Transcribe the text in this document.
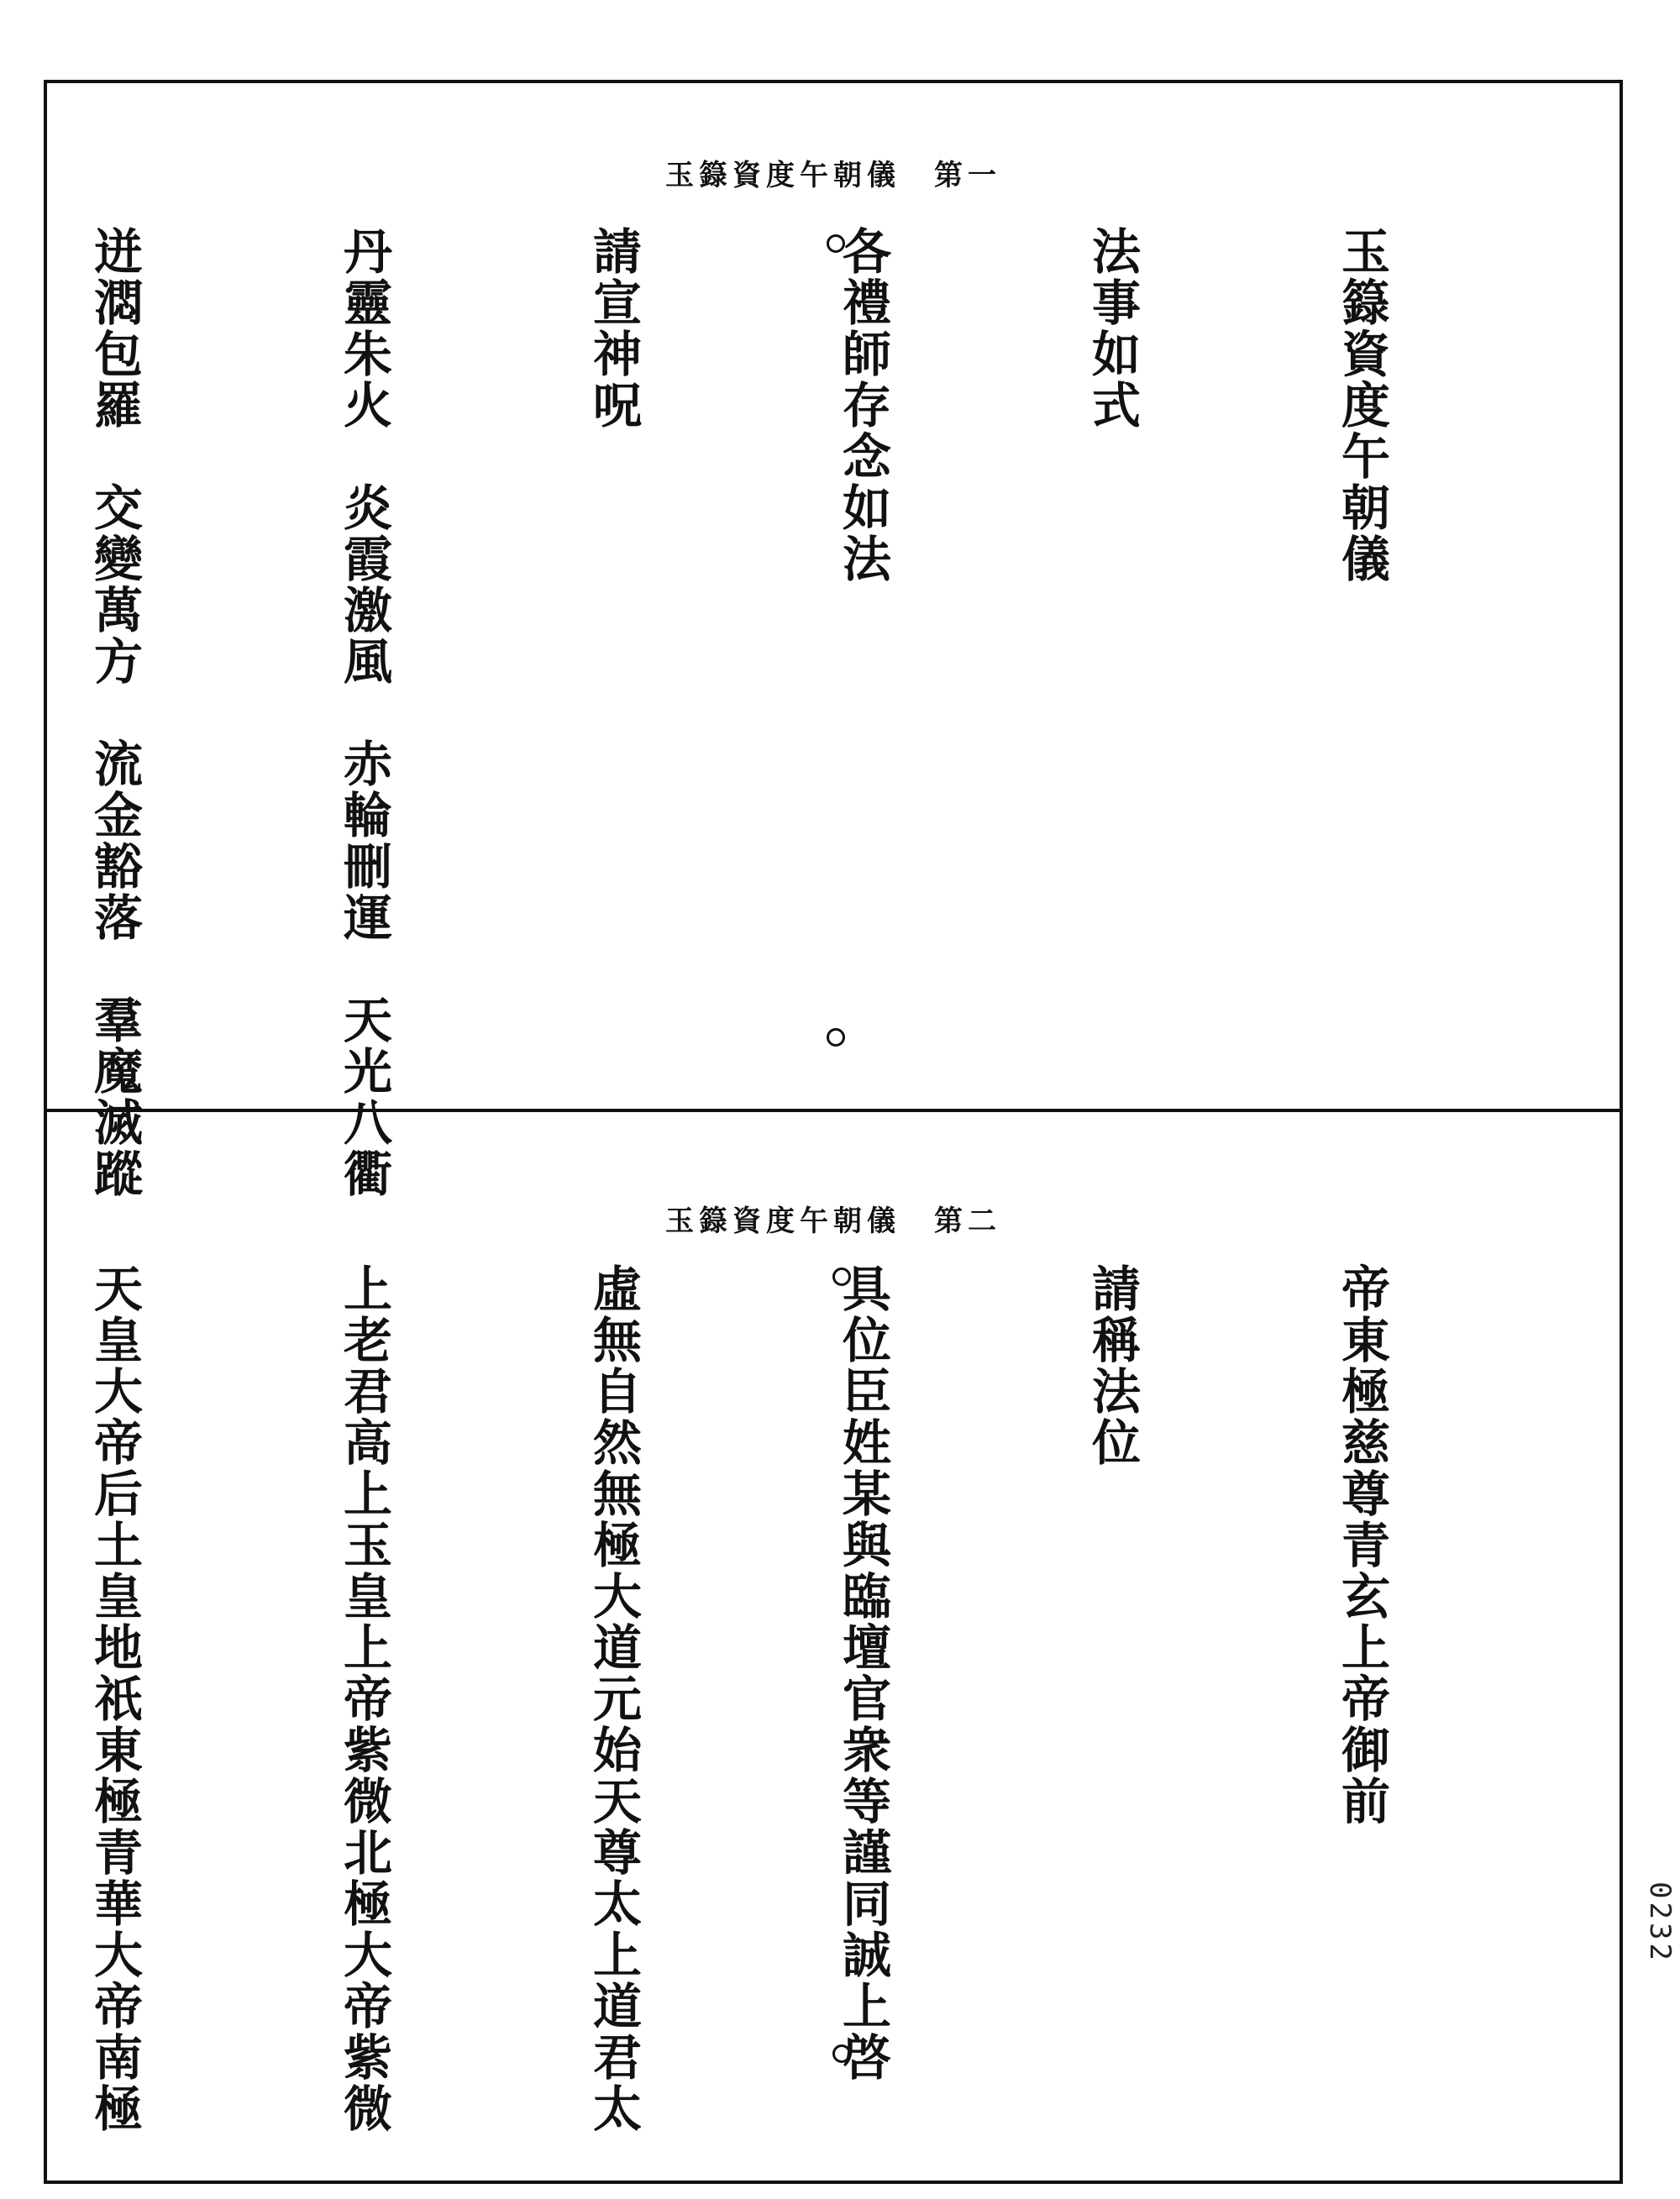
玉籙資度午朝儀　第一

玉籙資度午朝儀

法事如式

各禮師存念如法

請宣神呪

丹靈朱火　炎霞激風　赤輪刪運　天光八衢

迸㵍包羅　交變萬方　流金豁落　羣魔滅蹤

玉籙資度午朝儀　第二

帝東極慈尊青玄上帝御前

請稱法位

具位臣姓某與臨壇官衆等謹同誠上啓

虛無自然無極大道元始天尊太上道君太

上老君高上玉皇上帝紫微北極大帝紫微

天皇大帝后土皇地祇東極青華大帝南極

	0232
